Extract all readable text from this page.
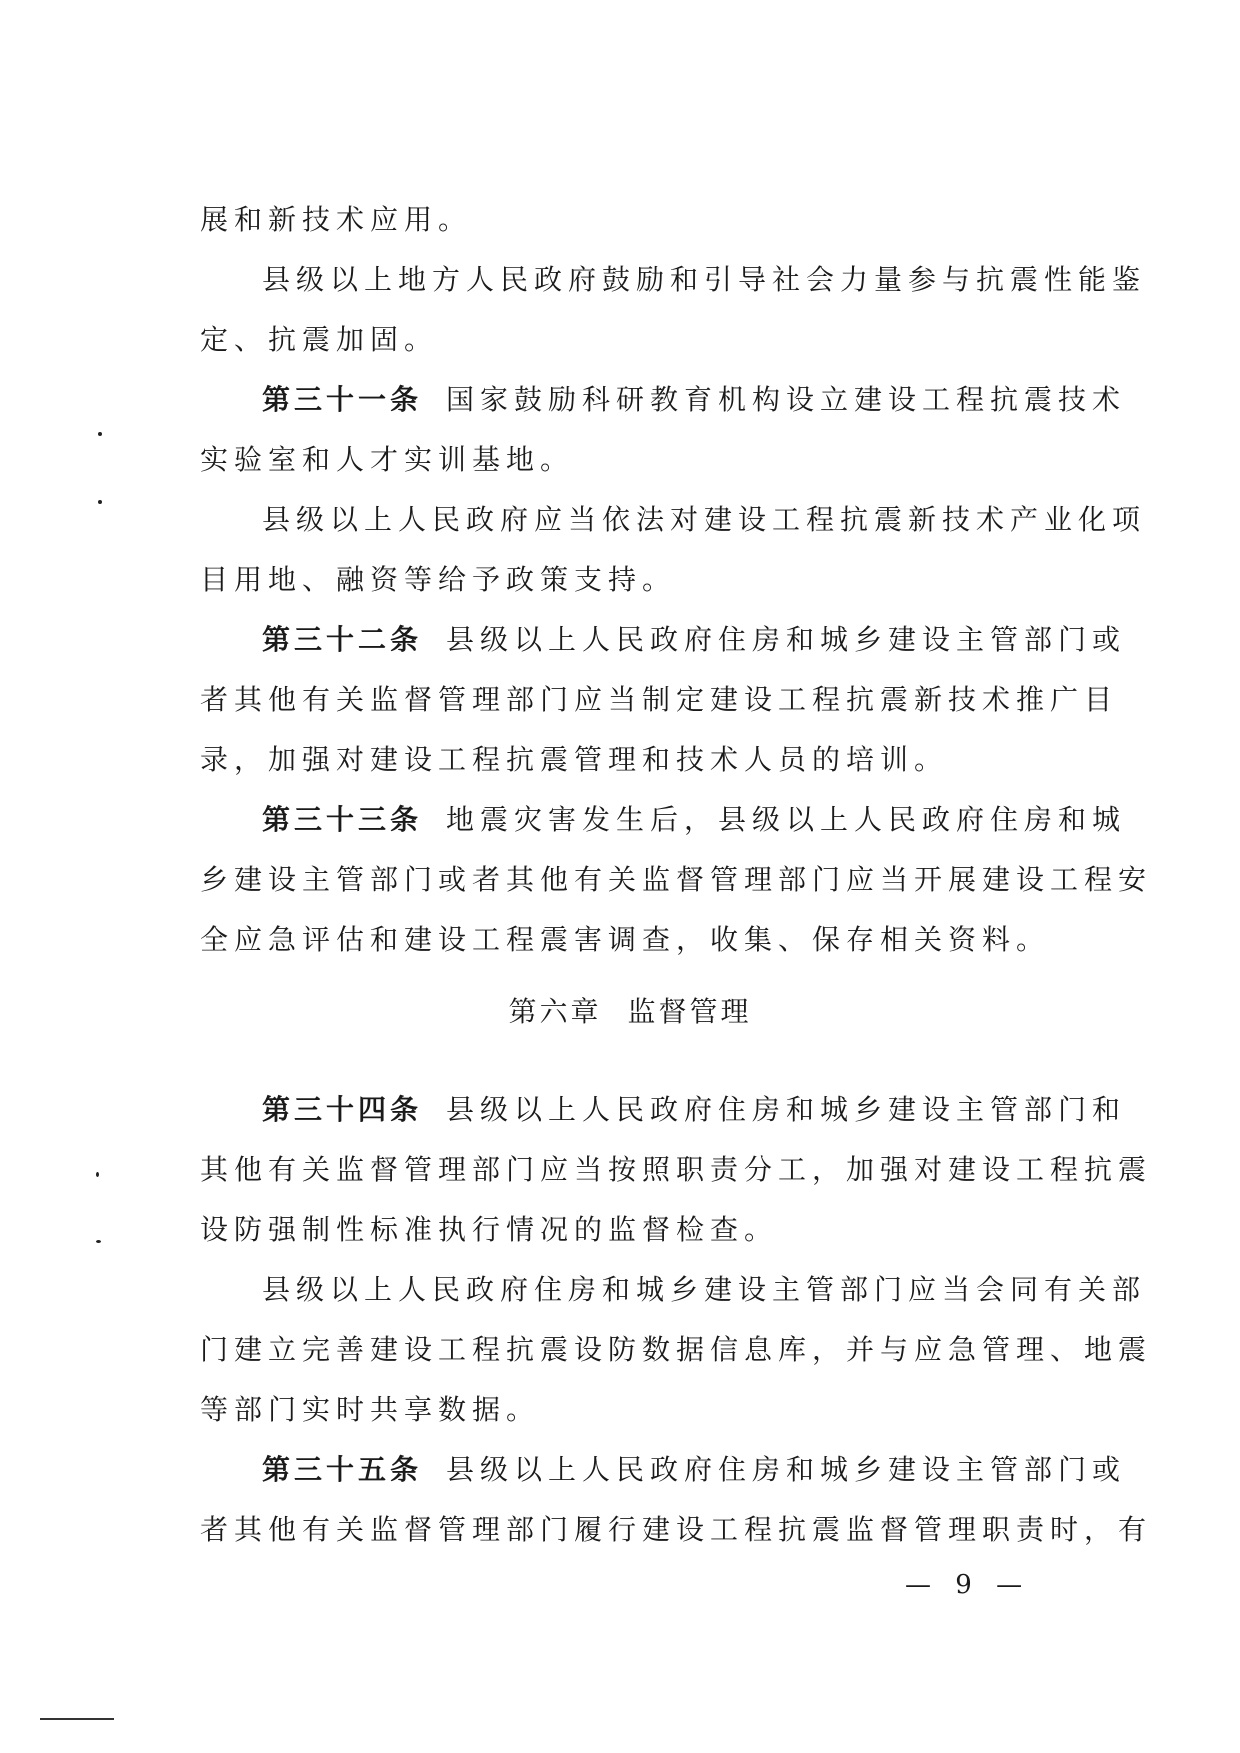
展和新技术应用。
县级以上地方人民政府鼓励和引导社会力量参与抗震性能鉴
定、抗震加固。
第三十一条 国家鼓励科研教育机构设立建设工程抗震技术
实验室和人才实训基地。
县级以上人民政府应当依法对建设工程抗震新技术产业化项
目用地、融资等给予政策支持。
第三十二条 县级以上人民政府住房和城乡建设主管部门或
者其他有关监督管理部门应当制定建设工程抗震新技术推广目
录，加强对建设工程抗震管理和技术人员的培训。
第三十三条 地震灾害发生后，县级以上人民政府住房和城
乡建设主管部门或者其他有关监督管理部门应当开展建设工程安
全应急评估和建设工程震害调查，收集、保存相关资料。
第六章 监督管理
第三十四条 县级以上人民政府住房和城乡建设主管部门和
其他有关监督管理部门应当按照职责分工，加强对建设工程抗震
设防强制性标准执行情况的监督检查。
县级以上人民政府住房和城乡建设主管部门应当会同有关部
门建立完善建设工程抗震设防数据信息库，并与应急管理、地震
等部门实时共享数据。
第三十五条 县级以上人民政府住房和城乡建设主管部门或
者其他有关监督管理部门履行建设工程抗震监督管理职责时，有
— 9 —
